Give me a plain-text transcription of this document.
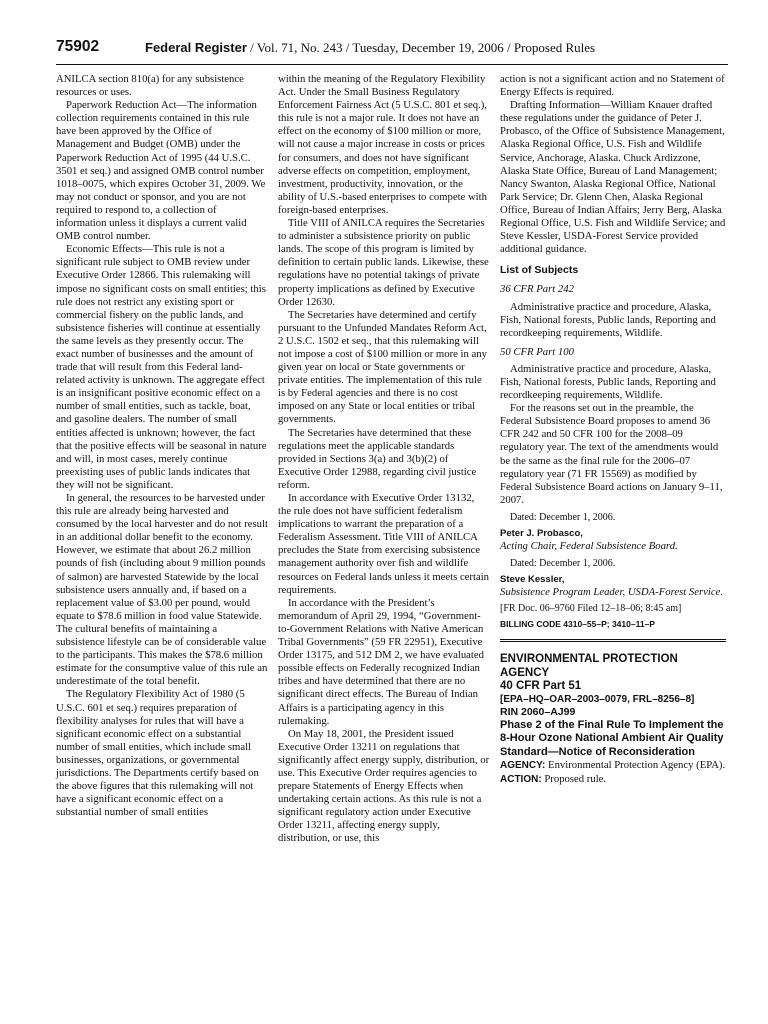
75902	Federal Register / Vol. 71, No. 243 / Tuesday, December 19, 2006 / Proposed Rules

ANILCA section 810(a) for any subsistence resources or uses.

Paperwork Reduction Act—The information collection requirements contained in this rule have been approved by the Office of Management and Budget (OMB) under the Paperwork Reduction Act of 1995 (44 U.S.C. 3501 et seq.) and assigned OMB control number 1018–0075, which expires October 31, 2009. We may not conduct or sponsor, and you are not required to respond to, a collection of information unless it displays a current valid OMB control number.

Economic Effects—This rule is not a significant rule subject to OMB review under Executive Order 12866. This rulemaking will impose no significant costs on small entities; this rule does not restrict any existing sport or commercial fishery on the public lands, and subsistence fisheries will continue at essentially the same levels as they presently occur. The exact number of businesses and the amount of trade that will result from this Federal land-related activity is unknown. The aggregate effect is an insignificant positive economic effect on a number of small entities, such as tackle, boat, and gasoline dealers. The number of small entities affected is unknown; however, the fact that the positive effects will be seasonal in nature and will, in most cases, merely continue preexisting uses of public lands indicates that they will not be significant.

In general, the resources to be harvested under this rule are already being harvested and consumed by the local harvester and do not result in an additional dollar benefit to the economy. However, we estimate that about 26.2 million pounds of fish (including about 9 million pounds of salmon) are harvested Statewide by the local subsistence users annually and, if based on a replacement value of $3.00 per pound, would equate to $78.6 million in food value Statewide. The cultural benefits of maintaining a subsistence lifestyle can be of considerable value to the participants. This makes the $78.6 million estimate for the consumptive value of this rule an underestimate of the total benefit.

The Regulatory Flexibility Act of 1980 (5 U.S.C. 601 et seq.) requires preparation of flexibility analyses for rules that will have a significant economic effect on a substantial number of small entities, which include small businesses, organizations, or governmental jurisdictions. The Departments certify based on the above figures that this rulemaking will not have a significant economic effect on a substantial number of small entities

within the meaning of the Regulatory Flexibility Act. Under the Small Business Regulatory Enforcement Fairness Act (5 U.S.C. 801 et seq.), this rule is not a major rule. It does not have an effect on the economy of $100 million or more, will not cause a major increase in costs or prices for consumers, and does not have significant adverse effects on competition, employment, investment, productivity, innovation, or the ability of U.S.-based enterprises to compete with foreign-based enterprises.

Title VIII of ANILCA requires the Secretaries to administer a subsistence priority on public lands. The scope of this program is limited by definition to certain public lands. Likewise, these regulations have no potential takings of private property implications as defined by Executive Order 12630.

The Secretaries have determined and certify pursuant to the Unfunded Mandates Reform Act, 2 U.S.C. 1502 et seq., that this rulemaking will not impose a cost of $100 million or more in any given year on local or State governments or private entities. The implementation of this rule is by Federal agencies and there is no cost imposed on any State or local entities or tribal governments.

The Secretaries have determined that these regulations meet the applicable standards provided in Sections 3(a) and 3(b)(2) of Executive Order 12988, regarding civil justice reform.

In accordance with Executive Order 13132, the rule does not have sufficient federalism implications to warrant the preparation of a Federalism Assessment. Title VIII of ANILCA precludes the State from exercising subsistence management authority over fish and wildlife resources on Federal lands unless it meets certain requirements.

In accordance with the President’s memorandum of April 29, 1994, “Government-to-Government Relations with Native American Tribal Governments” (59 FR 22951), Executive Order 13175, and 512 DM 2, we have evaluated possible effects on Federally recognized Indian tribes and have determined that there are no significant direct effects. The Bureau of Indian Affairs is a participating agency in this rulemaking.

On May 18, 2001, the President issued Executive Order 13211 on regulations that significantly affect energy supply, distribution, or use. This Executive Order requires agencies to prepare Statements of Energy Effects when undertaking certain actions. As this rule is not a significant regulatory action under Executive Order 13211, affecting energy supply, distribution, or use, this

action is not a significant action and no Statement of Energy Effects is required.

Drafting Information—William Knauer drafted these regulations under the guidance of Peter J. Probasco, of the Office of Subsistence Management, Alaska Regional Office, U.S. Fish and Wildlife Service, Anchorage, Alaska. Chuck Ardizzone, Alaska State Office, Bureau of Land Management; Nancy Swanton, Alaska Regional Office, National Park Service; Dr. Glenn Chen, Alaska Regional Office, Bureau of Indian Affairs; Jerry Berg, Alaska Regional Office, U.S. Fish and Wildlife Service; and Steve Kessler, USDA-Forest Service provided additional guidance.

List of Subjects
36 CFR Part 242

Administrative practice and procedure, Alaska, Fish, National forests, Public lands, Reporting and recordkeeping requirements, Wildlife.

50 CFR Part 100

Administrative practice and procedure, Alaska, Fish, National forests, Public lands, Reporting and recordkeeping requirements, Wildlife.

For the reasons set out in the preamble, the Federal Subsistence Board proposes to amend 36 CFR 242 and 50 CFR 100 for the 2008–09 regulatory year. The text of the amendments would be the same as the final rule for the 2006–07 regulatory year (71 FR 15569) as modified by Federal Subsistence Board actions on January 9–11, 2007.

Dated: December 1, 2006.

Peter J. Probasco,

Acting Chair, Federal Subsistence Board.

Dated: December 1, 2006.

Steve Kessler,

Subsistence Program Leader, USDA-Forest Service.

[FR Doc. 06–9760 Filed 12–18–06; 8:45 am]

BILLING CODE 4310–55–P; 3410–11–P

ENVIRONMENTAL PROTECTION AGENCY

40 CFR Part 51

[EPA–HQ–OAR–2003–0079, FRL–8256–8]

RIN 2060–AJ99

Phase 2 of the Final Rule To Implement the 8-Hour Ozone National Ambient Air Quality Standard—Notice of Reconsideration

AGENCY: Environmental Protection Agency (EPA).

ACTION: Proposed rule.
